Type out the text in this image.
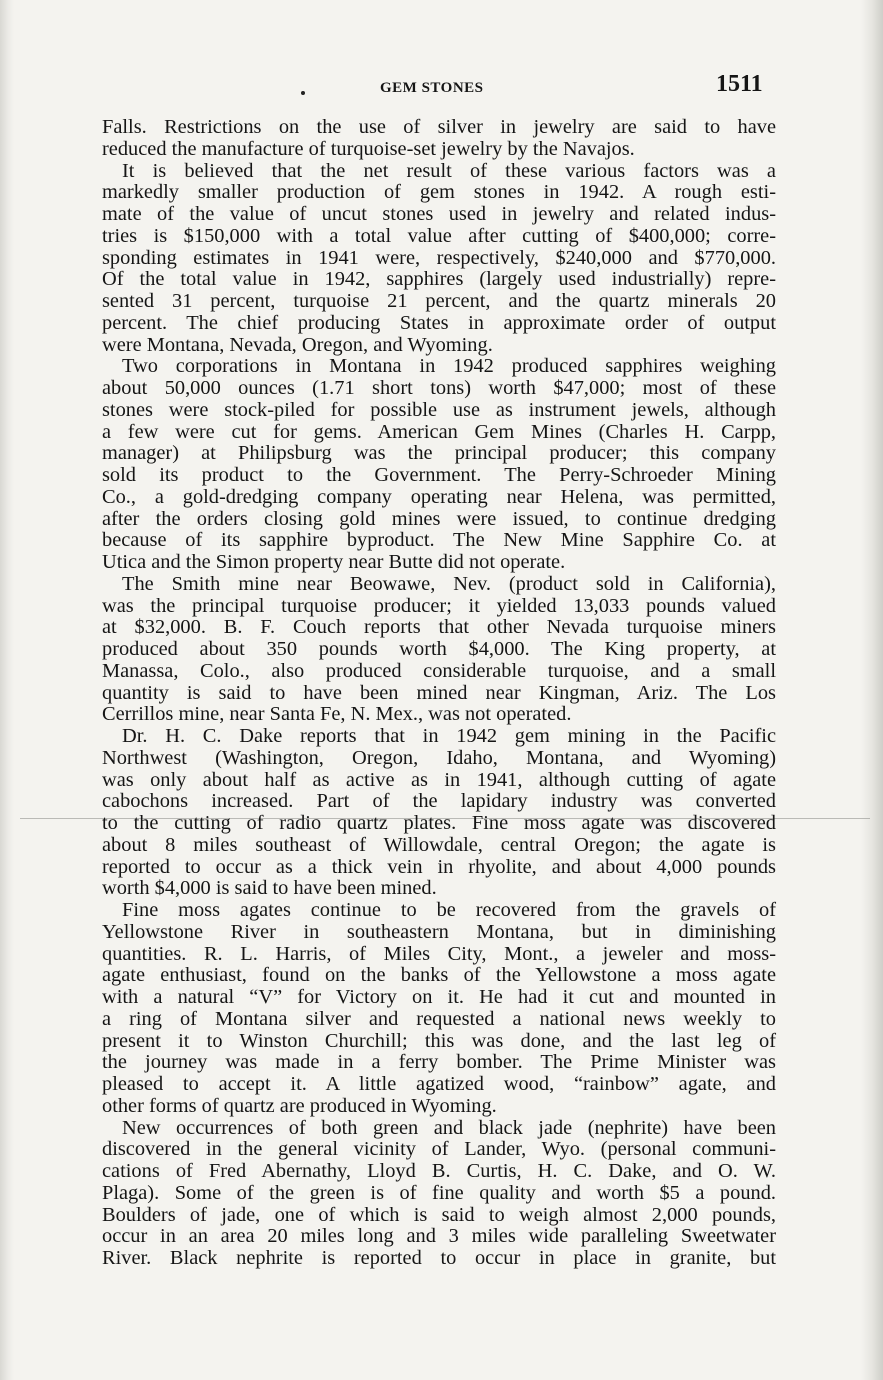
GEM STONES	1511
Falls. Restrictions on the use of silver in jewelry are said to have
reduced the manufacture of turquoise-set jewelry by the Navajos.
It is believed that the net result of these various factors was a
markedly smaller production of gem stones in 1942. A rough esti-
mate of the value of uncut stones used in jewelry and related indus-
tries is $150,000 with a total value after cutting of $400,000; corre-
sponding estimates in 1941 were, respectively, $240,000 and $770,000.
Of the total value in 1942, sapphires (largely used industrially) repre-
sented 31 percent, turquoise 21 percent, and the quartz minerals 20
percent. The chief producing States in approximate order of output
were Montana, Nevada, Oregon, and Wyoming.
Two corporations in Montana in 1942 produced sapphires weighing
about 50,000 ounces (1.71 short tons) worth $47,000; most of these
stones were stock-piled for possible use as instrument jewels, although
a few were cut for gems. American Gem Mines (Charles H. Carpp,
manager) at Philipsburg was the principal producer; this company
sold its product to the Government. The Perry-Schroeder Mining
Co., a gold-dredging company operating near Helena, was permitted,
after the orders closing gold mines were issued, to continue dredging
because of its sapphire byproduct. The New Mine Sapphire Co. at
Utica and the Simon property near Butte did not operate.
The Smith mine near Beowawe, Nev. (product sold in California),
was the principal turquoise producer; it yielded 13,033 pounds valued
at $32,000. B. F. Couch reports that other Nevada turquoise miners
produced about 350 pounds worth $4,000. The King property, at
Manassa, Colo., also produced considerable turquoise, and a small
quantity is said to have been mined near Kingman, Ariz. The Los
Cerrillos mine, near Santa Fe, N. Mex., was not operated.
Dr. H. C. Dake reports that in 1942 gem mining in the Pacific
Northwest (Washington, Oregon, Idaho, Montana, and Wyoming)
was only about half as active as in 1941, although cutting of agate
cabochons increased. Part of the lapidary industry was converted
to the cutting of radio quartz plates. Fine moss agate was discovered
about 8 miles southeast of Willowdale, central Oregon; the agate is
reported to occur as a thick vein in rhyolite, and about 4,000 pounds
worth $4,000 is said to have been mined.
Fine moss agates continue to be recovered from the gravels of
Yellowstone River in southeastern Montana, but in diminishing
quantities. R. L. Harris, of Miles City, Mont., a jeweler and moss-
agate enthusiast, found on the banks of the Yellowstone a moss agate
with a natural “V” for Victory on it. He had it cut and mounted in
a ring of Montana silver and requested a national news weekly to
present it to Winston Churchill; this was done, and the last leg of
the journey was made in a ferry bomber. The Prime Minister was
pleased to accept it. A little agatized wood, “rainbow” agate, and
other forms of quartz are produced in Wyoming.
New occurrences of both green and black jade (nephrite) have been
discovered in the general vicinity of Lander, Wyo. (personal communi-
cations of Fred Abernathy, Lloyd B. Curtis, H. C. Dake, and O. W.
Plaga). Some of the green is of fine quality and worth $5 a pound.
Boulders of jade, one of which is said to weigh almost 2,000 pounds,
occur in an area 20 miles long and 3 miles wide paralleling Sweetwater
River. Black nephrite is reported to occur in place in granite, but
